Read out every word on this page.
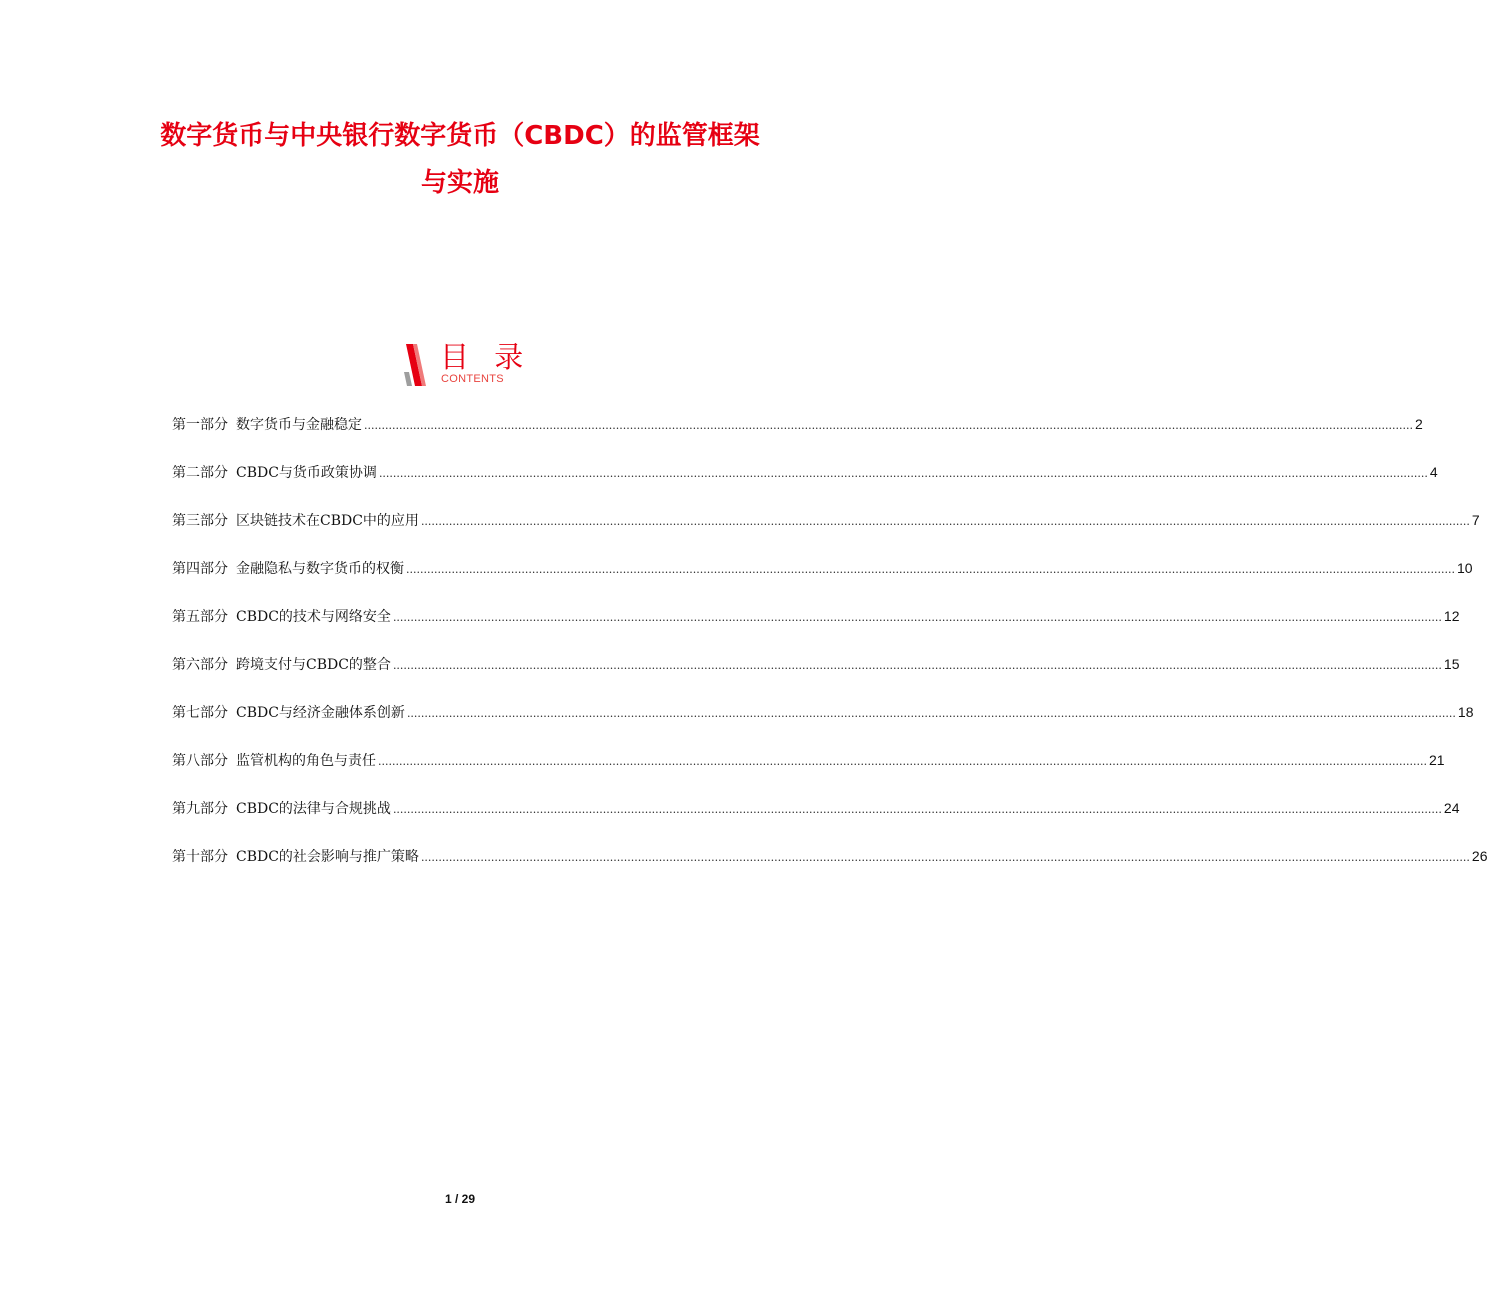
数字货币与中央银行数字货币（CBDC）的监管框架
与实施
目 录
CONTENTS
第一部分 数字货币与金融稳定 ............................................................................................................................................................................................................................................................................................................ 2
第二部分 CBDC与货币政策协调 ............................................................................................................................................................................................................................................................................................................ 4
第三部分 区块链技术在CBDC中的应用 ............................................................................................................................................................................................................................................................................................................ 7
第四部分 金融隐私与数字货币的权衡 ............................................................................................................................................................................................................................................................................................................ 10
第五部分 CBDC的技术与网络安全 ............................................................................................................................................................................................................................................................................................................ 12
第六部分 跨境支付与CBDC的整合 ............................................................................................................................................................................................................................................................................................................ 15
第七部分 CBDC与经济金融体系创新 ............................................................................................................................................................................................................................................................................................................ 18
第八部分 监管机构的角色与责任 ............................................................................................................................................................................................................................................................................................................ 21
第九部分 CBDC的法律与合规挑战 ............................................................................................................................................................................................................................................................................................................ 24
第十部分 CBDC的社会影响与推广策略 ............................................................................................................................................................................................................................................................................................................ 26
1 / 29
